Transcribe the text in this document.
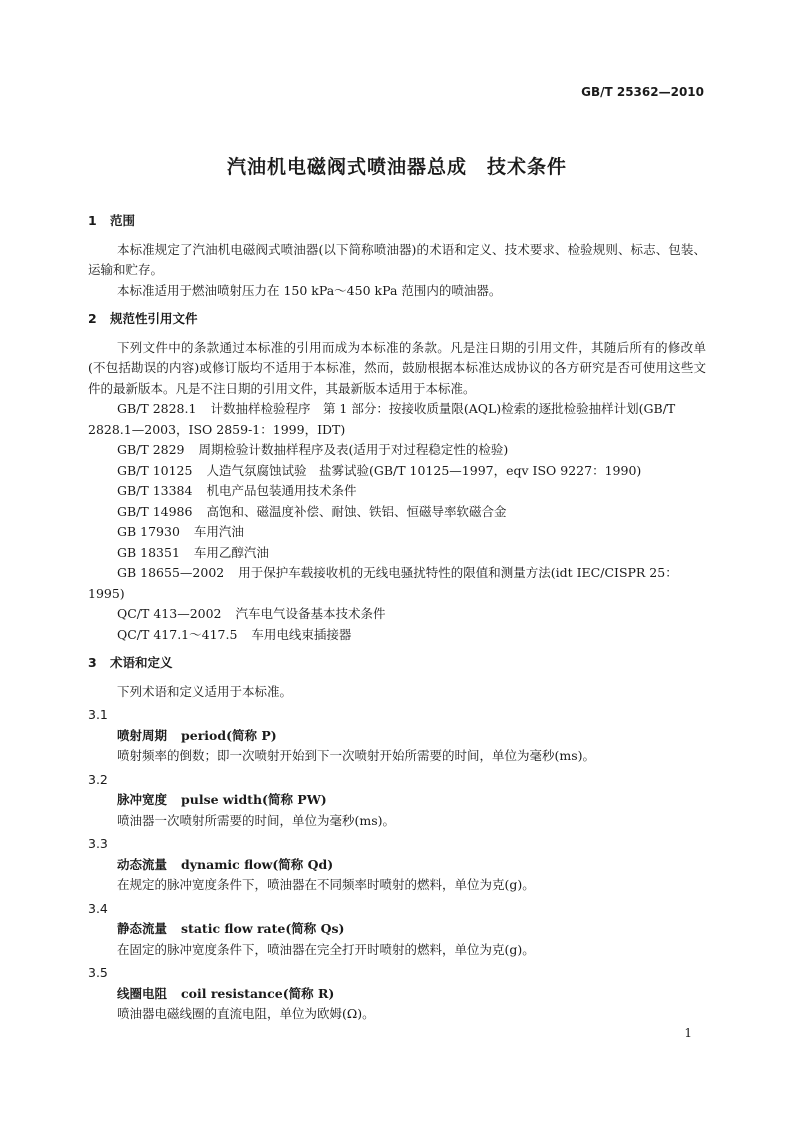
GB/T 25362—2010
汽油机电磁阀式喷油器总成　技术条件

1 范围

本标准规定了汽油机电磁阀式喷油器(以下简称喷油器)的术语和定义、技术要求、检验规则、标志、包装、运输和贮存。

本标准适用于燃油喷射压力在 150 kPa～450 kPa 范围内的喷油器。

2 规范性引用文件

下列文件中的条款通过本标准的引用而成为本标准的条款。凡是注日期的引用文件，其随后所有的修改单(不包括勘误的内容)或修订版均不适用于本标准，然而，鼓励根据本标准达成协议的各方研究是否可使用这些文件的最新版本。凡是不注日期的引用文件，其最新版本适用于本标准。

GB/T 2828.1 计数抽样检验程序　第 1 部分：按接收质量限(AQL)检索的逐批检验抽样计划(GB/T 2828.1—2003，ISO 2859-1：1999，IDT)

GB/T 2829 周期检验计数抽样程序及表(适用于对过程稳定性的检验)

GB/T 10125 人造气氛腐蚀试验　盐雾试验(GB/T 10125—1997，eqv ISO 9227：1990)

GB/T 13384 机电产品包装通用技术条件

GB/T 14986 高饱和、磁温度补偿、耐蚀、铁铝、恒磁导率软磁合金

GB 17930 车用汽油

GB 18351 车用乙醇汽油

GB 18655—2002 用于保护车载接收机的无线电骚扰特性的限值和测量方法(idt IEC/CISPR 25：1995)

QC/T 413—2002 汽车电气设备基本技术条件

QC/T 417.1～417.5 车用电线束插接器

3 术语和定义

下列术语和定义适用于本标准。

3.1

喷射周期 period(简称 P)

喷射频率的倒数；即一次喷射开始到下一次喷射开始所需要的时间，单位为毫秒(ms)。

3.2

脉冲宽度 pulse width(简称 PW)

喷油器一次喷射所需要的时间，单位为毫秒(ms)。

3.3

动态流量 dynamic flow(简称 Qd)

在规定的脉冲宽度条件下，喷油器在不同频率时喷射的燃料，单位为克(g)。

3.4

静态流量 static flow rate(简称 Qs)

在固定的脉冲宽度条件下，喷油器在完全打开时喷射的燃料，单位为克(g)。

3.5

线圈电阻 coil resistance(简称 R)

喷油器电磁线圈的直流电阻，单位为欧姆(Ω)。

1
